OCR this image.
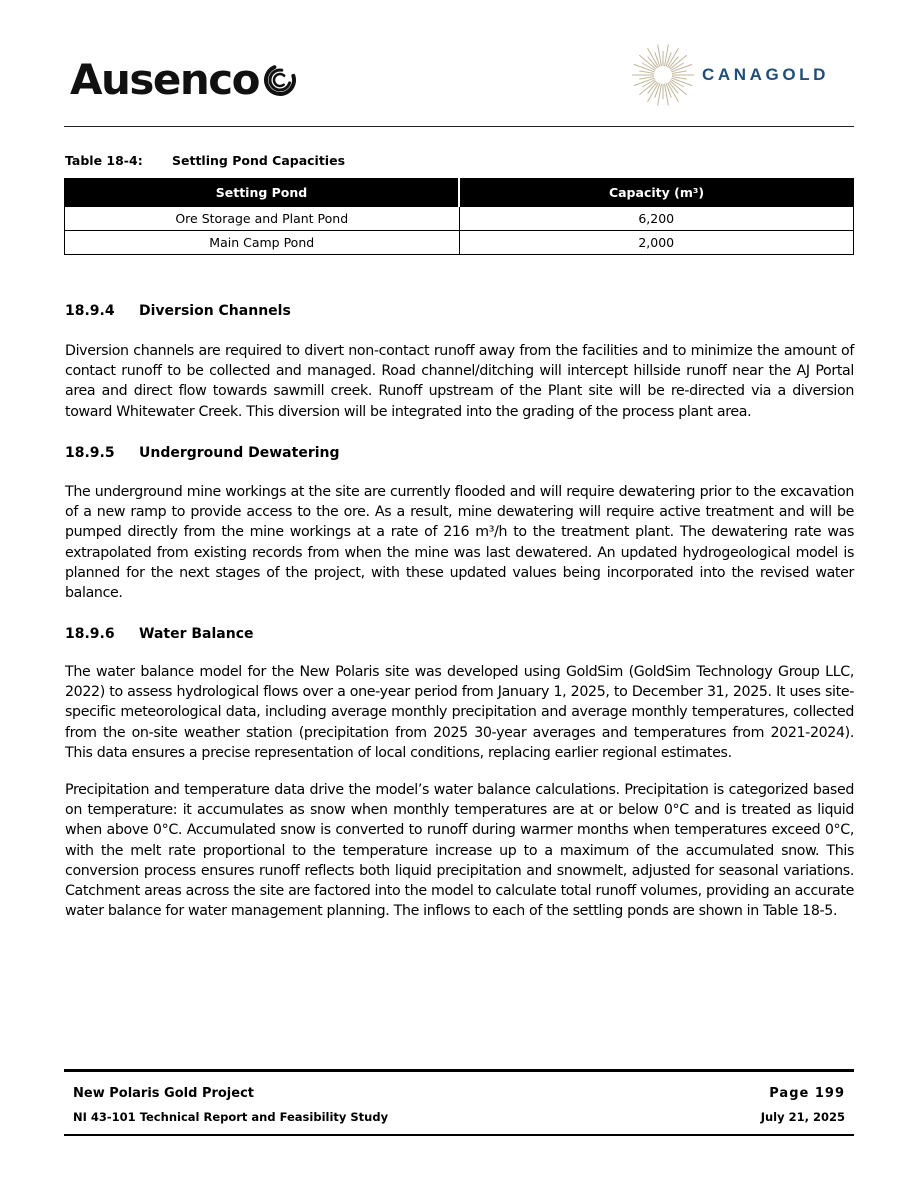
Ausenco	CANAGOLD
Table 18-4: Settling Pond Capacities
Setting Pond	Capacity (m³)
Ore Storage and Plant Pond	6,200
Main Camp Pond	2,000
18.9.4 Diversion Channels
Diversion channels are required to divert non-contact runoff away from the facilities and to minimize the amount of contact runoff to be collected and managed. Road channel/ditching will intercept hillside runoff near the AJ Portal area and direct flow towards sawmill creek. Runoff upstream of the Plant site will be re-directed via a diversion toward Whitewater Creek. This diversion will be integrated into the grading of the process plant area.
18.9.5 Underground Dewatering
The underground mine workings at the site are currently flooded and will require dewatering prior to the excavation of a new ramp to provide access to the ore. As a result, mine dewatering will require active treatment and will be pumped directly from the mine workings at a rate of 216 m³/h to the treatment plant. The dewatering rate was extrapolated from existing records from when the mine was last dewatered. An updated hydrogeological model is planned for the next stages of the project, with these updated values being incorporated into the revised water balance.
18.9.6 Water Balance
The water balance model for the New Polaris site was developed using GoldSim (GoldSim Technology Group LLC, 2022) to assess hydrological flows over a one-year period from January 1, 2025, to December 31, 2025. It uses site-specific meteorological data, including average monthly precipitation and average monthly temperatures, collected from the on-site weather station (precipitation from 2025 30-year averages and temperatures from 2021-2024). This data ensures a precise representation of local conditions, replacing earlier regional estimates.
Precipitation and temperature data drive the model’s water balance calculations. Precipitation is categorized based on temperature: it accumulates as snow when monthly temperatures are at or below 0°C and is treated as liquid when above 0°C. Accumulated snow is converted to runoff during warmer months when temperatures exceed 0°C, with the melt rate proportional to the temperature increase up to a maximum of the accumulated snow. This conversion process ensures runoff reflects both liquid precipitation and snowmelt, adjusted for seasonal variations. Catchment areas across the site are factored into the model to calculate total runoff volumes, providing an accurate water balance for water management planning. The inflows to each of the settling ponds are shown in Table 18-5.
New Polaris Gold Project
NI 43-101 Technical Report and Feasibility Study
Page 199
July 21, 2025
